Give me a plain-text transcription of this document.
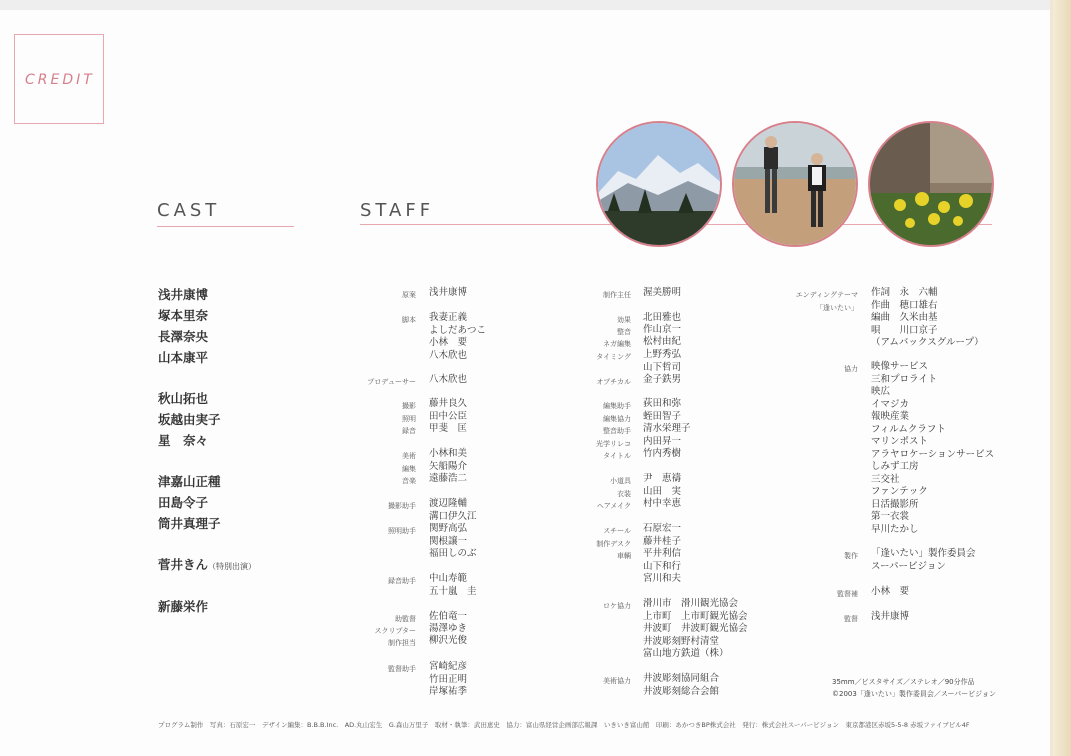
CREDIT
CAST	STAFF
浅井康博
塚本里奈
長澤奈央
山本康平
秋山拓也
坂越由実子
星　奈々
津嘉山正種
田島令子
筒井真理子
菅井きん（特別出演）
新藤栄作
原案 浅井康博
脚本 我妻正義
よしだあつこ
小林　要
八木欣也
プロデューサー 八木欣也
撮影 藤井良久
照明 田中公臣
録音 甲斐　匡
美術 小林和美
編集 矢船陽介
音楽 遠藤浩二
撮影助手 渡辺隆輔
溝口伊久江
照明助手 関野高弘
関根譲一
福田しのぶ
録音助手 中山寿範
五十嵐　圭
助監督 佐伯竜一
スクリプター 湯澤ゆき
制作担当 柳沢光俊
監督助手 宮崎紀彦
竹田正明
岸塚祐季
制作主任 渥美勝明
効果 北田雅也
整音 作山京一
ネガ編集 松村由紀
タイミング 上野秀弘
山下哲司
オプチカル 金子鉄男
編集助手 荻田和弥
編集協力 蛭田智子
整音助手 清水栄理子
光学リレコ 内田昇一
タイトル 竹内秀樹
小道具 尹　恵禱
衣装 山田　実
ヘアメイク 村中幸恵
スチール 石原宏一
制作デスク 藤井桂子
車輌 平井利信
山下和行
宮川和夫
ロケ協力 滑川市　滑川観光協会
上市町　上市町観光協会
井波町　井波町観光協会
井波彫刻野村清堂
富山地方鉄道（株）
美術協力 井波彫刻協同組合
井波彫刻総合会館
エンディングテーマ
「逢いたい」
作詞　永　六輔
作曲　穂口雄右
編曲　久米由基
唄　　川口京子
（アムバックスグループ）
協力 映像サービス
三和プロライト
映広
イマジカ
報映産業
フィルムクラフト
マリンポスト
アラヤロケーションサービス
しみず工房
三交社
ファンテック
日活撮影所
第一衣裳
早川たかし
製作 「逢いたい」製作委員会
スーパービジョン
監督補 小林　要
監督 浅井康博
35mm／ビスタサイズ／ステレオ／90分作品
©2003「逢いたい」製作委員会／スーパービジョン
プログラム制作　写真：石原宏一　デザイン編集：B.B.B.Inc.　AD.丸山宏生　G.森山万里子　取材・執筆：武田恵史　協力：富山県経営企画部広報課　いきいき富山館　印刷：あかつきBP株式会社　発行：株式会社スーパービジョン　東京都港区赤坂5-5-8 赤坂ファイブビル4F
